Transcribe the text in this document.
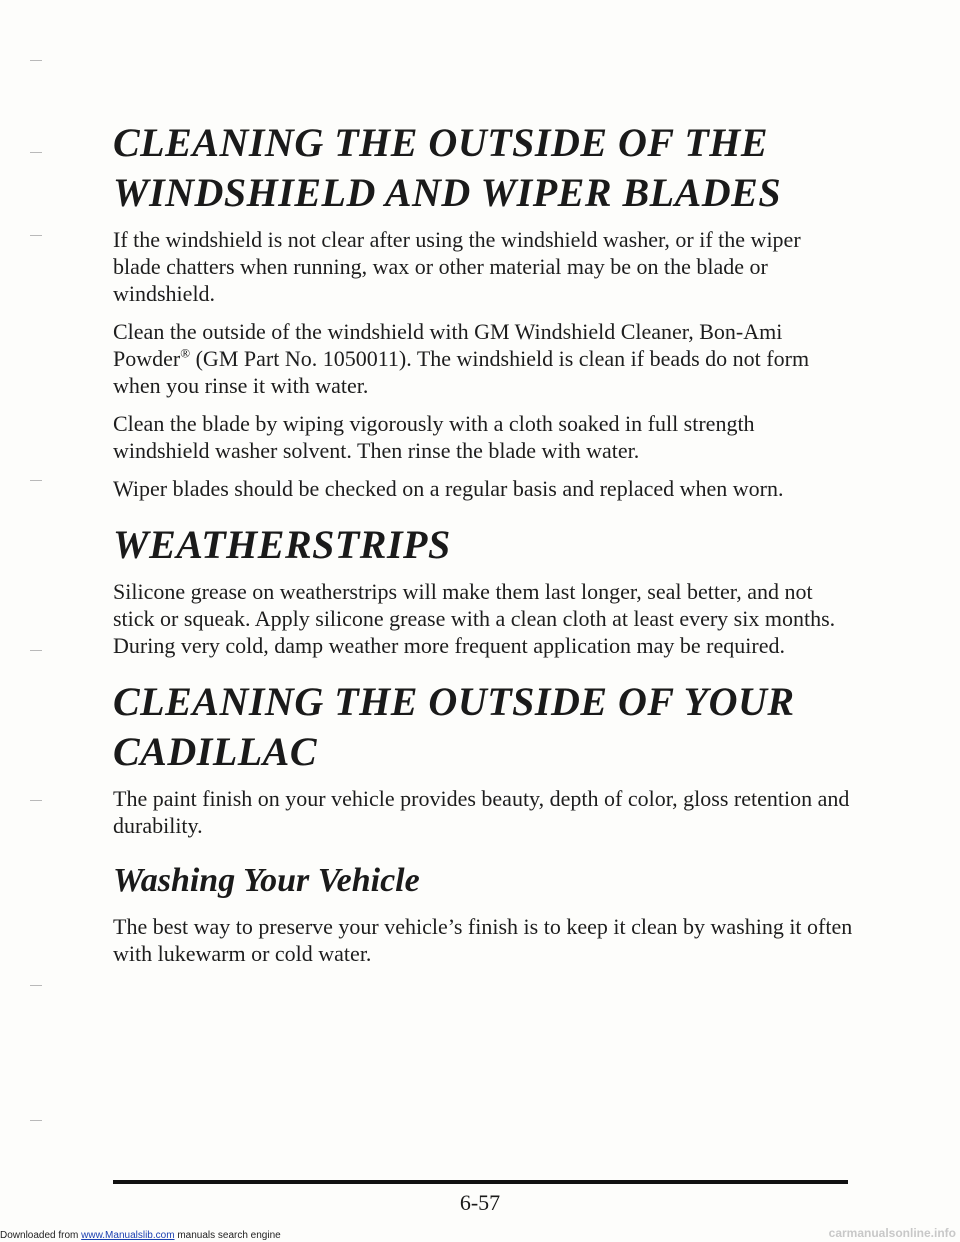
CLEANING THE OUTSIDE OF THE WINDSHIELD AND WIPER BLADES

If the windshield is not clear after using the windshield washer, or if the wiper blade chatters when running, wax or other material may be on the blade or windshield.

Clean the outside of the windshield with GM Windshield Cleaner, Bon-Ami Powder® (GM Part No. 1050011). The windshield is clean if beads do not form when you rinse it with water.

Clean the blade by wiping vigorously with a cloth soaked in full strength windshield washer solvent. Then rinse the blade with water.

Wiper blades should be checked on a regular basis and replaced when worn.

WEATHERSTRIPS

Silicone grease on weatherstrips will make them last longer, seal better, and not stick or squeak. Apply silicone grease with a clean cloth at least every six months. During very cold, damp weather more frequent application may be required.

CLEANING THE OUTSIDE OF YOUR CADILLAC

The paint finish on your vehicle provides beauty, depth of color, gloss retention and durability.

Washing Your Vehicle

The best way to preserve your vehicle’s finish is to keep it clean by washing it often with lukewarm or cold water.

6-57
Downloaded from www.Manualslib.com manuals search engine	carmanualsonline.info
